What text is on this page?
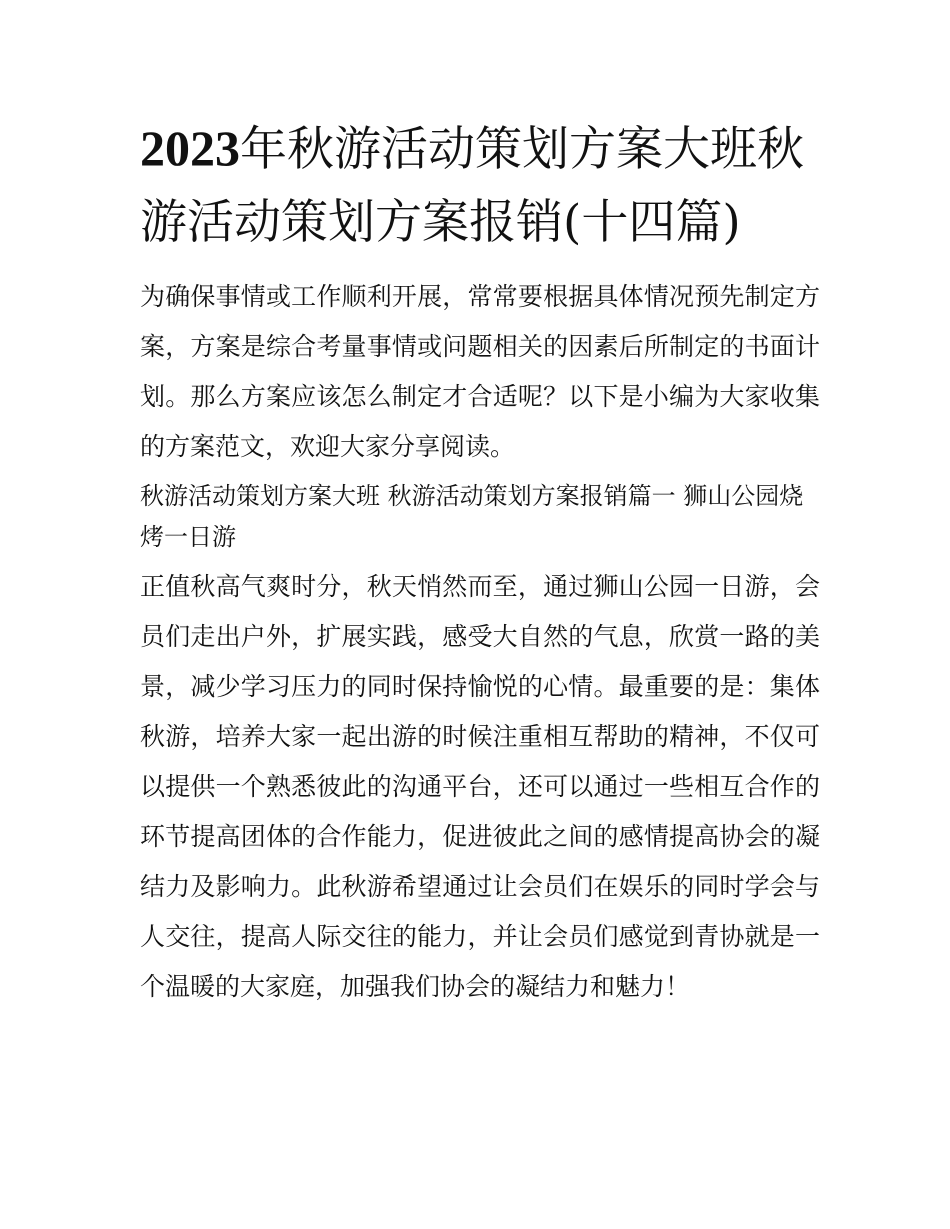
2023年秋游活动策划方案大班秋游活动策划方案报销(十四篇)

为确保事情或工作顺利开展，常常要根据具体情况预先制定方案，方案是综合考量事情或问题相关的因素后所制定的书面计划。那么方案应该怎么制定才合适呢？以下是小编为大家收集的方案范文，欢迎大家分享阅读。

秋游活动策划方案大班 秋游活动策划方案报销篇一 狮山公园烧烤一日游

正值秋高气爽时分，秋天悄然而至，通过狮山公园一日游，会员们走出户外，扩展实践，感受大自然的气息，欣赏一路的美景，减少学习压力的同时保持愉悦的心情。最重要的是：集体秋游，培养大家一起出游的时候注重相互帮助的精神，不仅可以提供一个熟悉彼此的沟通平台，还可以通过一些相互合作的环节提高团体的合作能力，促进彼此之间的感情提高协会的凝结力及影响力。此秋游希望通过让会员们在娱乐的同时学会与人交往，提高人际交往的能力，并让会员们感觉到青协就是一个温暖的大家庭，加强我们协会的凝结力和魅力！
